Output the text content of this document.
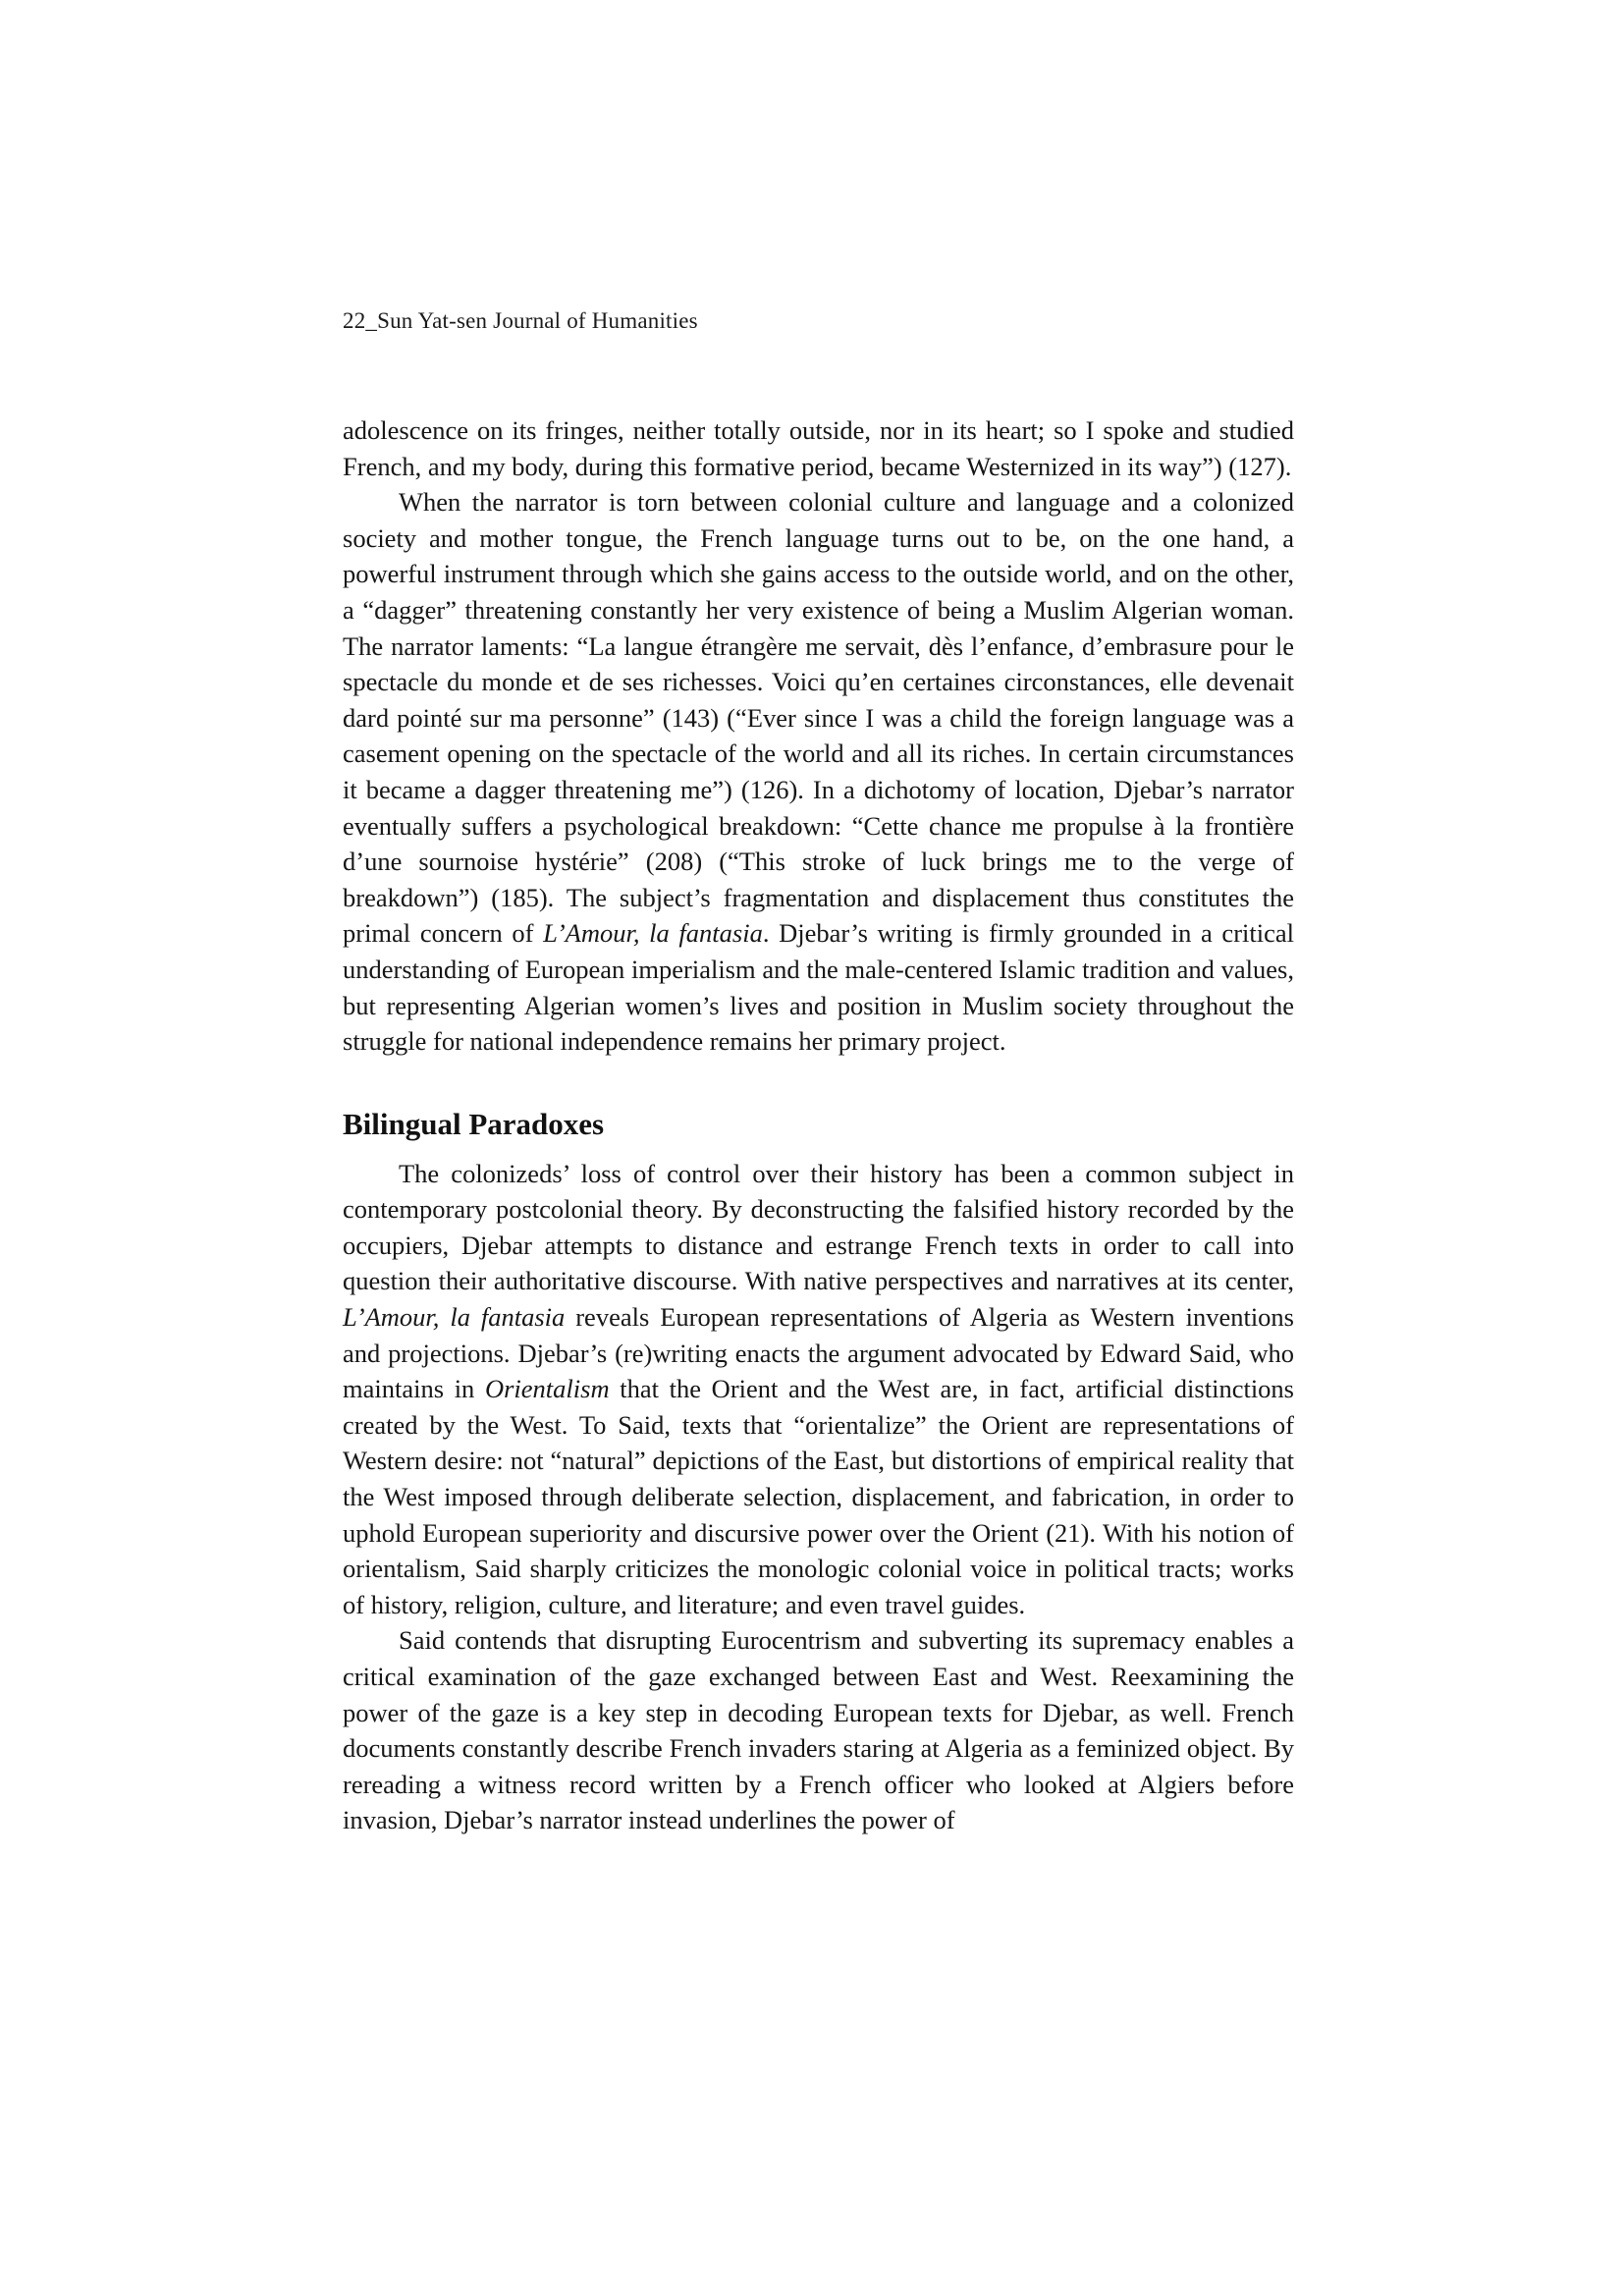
22_Sun Yat-sen Journal of Humanities

adolescence on its fringes, neither totally outside, nor in its heart; so I spoke and studied French, and my body, during this formative period, became Westernized in its way”) (127).

When the narrator is torn between colonial culture and language and a colonized society and mother tongue, the French language turns out to be, on the one hand, a powerful instrument through which she gains access to the outside world, and on the other, a “dagger” threatening constantly her very existence of being a Muslim Algerian woman. The narrator laments: “La langue étrangère me servait, dès l’enfance, d’embrasure pour le spectacle du monde et de ses richesses. Voici qu’en certaines circonstances, elle devenait dard pointé sur ma personne” (143) (“Ever since I was a child the foreign language was a casement opening on the spectacle of the world and all its riches. In certain circumstances it became a dagger threatening me”) (126). In a dichotomy of location, Djebar’s narrator eventually suffers a psychological breakdown: “Cette chance me propulse à la frontière d’une sournoise hystérie” (208) (“This stroke of luck brings me to the verge of breakdown”) (185). The subject’s fragmentation and displacement thus constitutes the primal concern of L’Amour, la fantasia. Djebar’s writing is firmly grounded in a critical understanding of European imperialism and the male-centered Islamic tradition and values, but representing Algerian women’s lives and position in Muslim society throughout the struggle for national independence remains her primary project.

Bilingual Paradoxes

The colonizeds’ loss of control over their history has been a common subject in contemporary postcolonial theory. By deconstructing the falsified history recorded by the occupiers, Djebar attempts to distance and estrange French texts in order to call into question their authoritative discourse. With native perspectives and narratives at its center, L’Amour, la fantasia reveals European representations of Algeria as Western inventions and projections. Djebar’s (re)writing enacts the argument advocated by Edward Said, who maintains in Orientalism that the Orient and the West are, in fact, artificial distinctions created by the West. To Said, texts that “orientalize” the Orient are representations of Western desire: not “natural” depictions of the East, but distortions of empirical reality that the West imposed through deliberate selection, displacement, and fabrication, in order to uphold European superiority and discursive power over the Orient (21). With his notion of orientalism, Said sharply criticizes the monologic colonial voice in political tracts; works of history, religion, culture, and literature; and even travel guides.

Said contends that disrupting Eurocentrism and subverting its supremacy enables a critical examination of the gaze exchanged between East and West. Reexamining the power of the gaze is a key step in decoding European texts for Djebar, as well. French documents constantly describe French invaders staring at Algeria as a feminized object. By rereading a witness record written by a French officer who looked at Algiers before invasion, Djebar’s narrator instead underlines the power of
